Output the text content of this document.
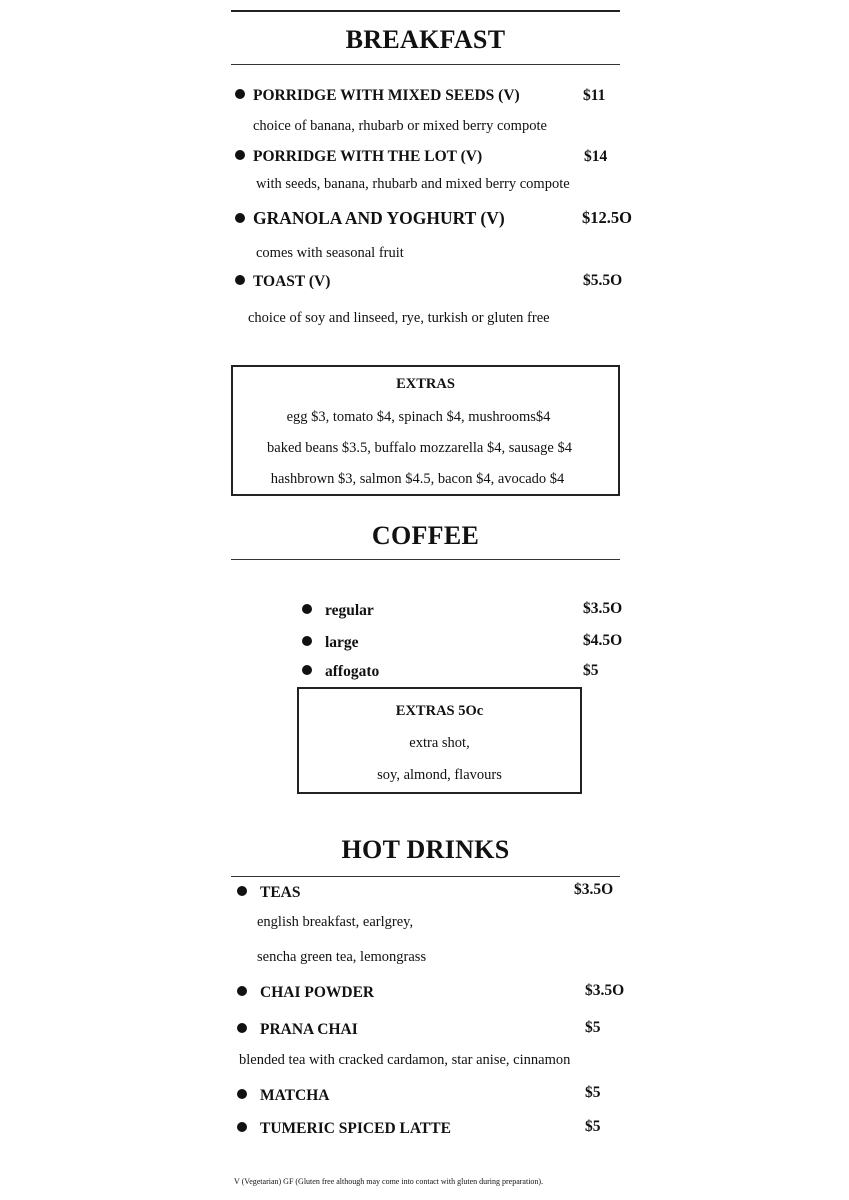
BREAKFAST
PORRIDGE WITH MIXED SEEDS (V)	$11
choice of banana, rhubarb or mixed berry compote
PORRIDGE WITH THE LOT (V)	$14
with seeds, banana, rhubarb and mixed berry compote
GRANOLA AND YOGHURT (V)	$12.5O
comes with seasonal fruit
TOAST (V)	$5.5O
choice of soy and linseed, rye, turkish or gluten free
EXTRAS
egg $3, tomato $4, spinach $4, mushrooms$4
baked beans $3.5, buffalo mozzarella $4, sausage $4
hashbrown $3, salmon $4.5, bacon $4, avocado $4
COFFEE
regular	$3.5O
large	$4.5O
affogato	$5
EXTRAS 5Oc
extra shot,
soy, almond, flavours
HOT DRINKS
TEAS	$3.5O
english breakfast, earlgrey,
sencha green tea, lemongrass
CHAI POWDER	$3.5O
PRANA CHAI	$5
blended tea with cracked cardamon, star anise, cinnamon
MATCHA	$5
TUMERIC SPICED LATTE	$5
V (Vegetarian) GF (Gluten free although may come into contact with gluten during preparation).
